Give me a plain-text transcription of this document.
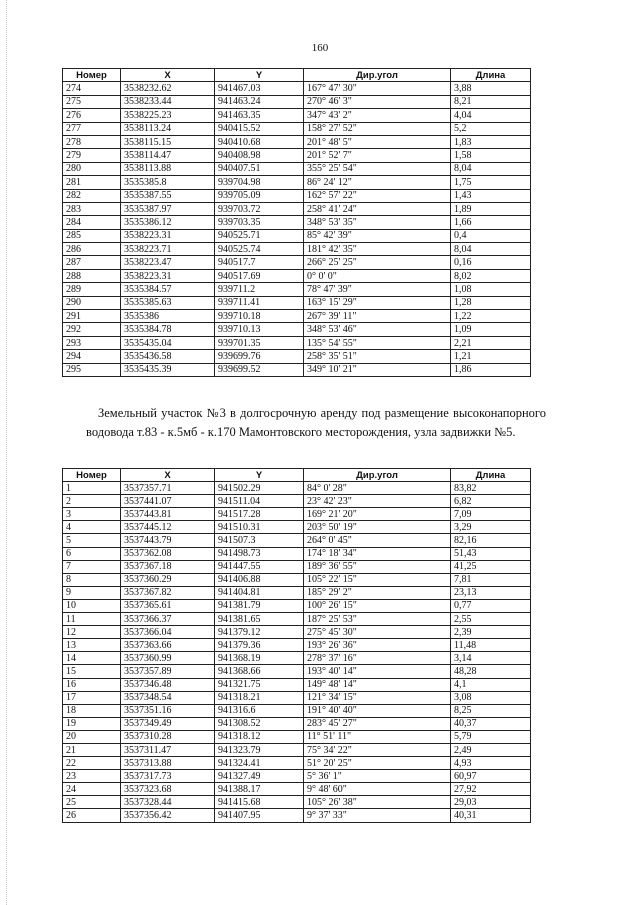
160
Номер	X	Y	Дир.угол	Длина
274	3538232.62	941467.03	167° 47' 30"	3,88
275	3538233.44	941463.24	270° 46' 3"	8,21
276	3538225.23	941463.35	347° 43' 2"	4,04
277	3538113.24	940415.52	158° 27' 52"	5,2
278	3538115.15	940410.68	201° 48' 5"	1,83
279	3538114.47	940408.98	201° 52' 7"	1,58
280	3538113.88	940407.51	355° 25' 54"	8,04
281	3535385.8	939704.98	86° 24' 12"	1,75
282	3535387.55	939705.09	162° 57' 22"	1,43
283	3535387.97	939703.72	258° 41' 24"	1,89
284	3535386.12	939703.35	348° 53' 35"	1,66
285	3538223.31	940525.71	85° 42' 39"	0,4
286	3538223.71	940525.74	181° 42' 35"	8,04
287	3538223.47	940517.7	266° 25' 25"	0,16
288	3538223.31	940517.69	0° 0' 0"	8,02
289	3535384.57	939711.2	78° 47' 39"	1,08
290	3535385.63	939711.41	163° 15' 29"	1,28
291	3535386	939710.18	267° 39' 11"	1,22
292	3535384.78	939710.13	348° 53' 46"	1,09
293	3535435.04	939701.35	135° 54' 55"	2,21
294	3535436.58	939699.76	258° 35' 51"	1,21
295	3535435.39	939699.52	349° 10' 21"	1,86

Земельный участок №3 в долгосрочную аренду под размещение высоконапорного водовода т.83 - к.5мб - к.170 Мамонтовского месторождения, узла задвижки №5.

Номер	X	Y	Дир.угол	Длина
1	3537357.71	941502.29	84° 0' 28"	83,82
2	3537441.07	941511.04	23° 42' 23"	6,82
3	3537443.81	941517.28	169° 21' 20"	7,09
4	3537445.12	941510.31	203° 50' 19"	3,29
5	3537443.79	941507.3	264° 0' 45"	82,16
6	3537362.08	941498.73	174° 18' 34"	51,43
7	3537367.18	941447.55	189° 36' 55"	41,25
8	3537360.29	941406.88	105° 22' 15"	7,81
9	3537367.82	941404.81	185° 29' 2"	23,13
10	3537365.61	941381.79	100° 26' 15"	0,77
11	3537366.37	941381.65	187° 25' 53"	2,55
12	3537366.04	941379.12	275° 45' 30"	2,39
13	3537363.66	941379.36	193° 26' 36"	11,48
14	3537360.99	941368.19	278° 37' 16"	3,14
15	3537357.89	941368.66	193° 40' 14"	48,28
16	3537346.48	941321.75	149° 48' 14"	4,1
17	3537348.54	941318.21	121° 34' 15"	3,08
18	3537351.16	941316.6	191° 40' 40"	8,25
19	3537349.49	941308.52	283° 45' 27"	40,37
20	3537310.28	941318.12	11° 51' 11"	5,79
21	3537311.47	941323.79	75° 34' 22"	2,49
22	3537313.88	941324.41	51° 20' 25"	4,93
23	3537317.73	941327.49	5° 36' 1"	60,97
24	3537323.68	941388.17	9° 48' 60"	27,92
25	3537328.44	941415.68	105° 26' 38"	29,03
26	3537356.42	941407.95	9° 37' 33"	40,31
